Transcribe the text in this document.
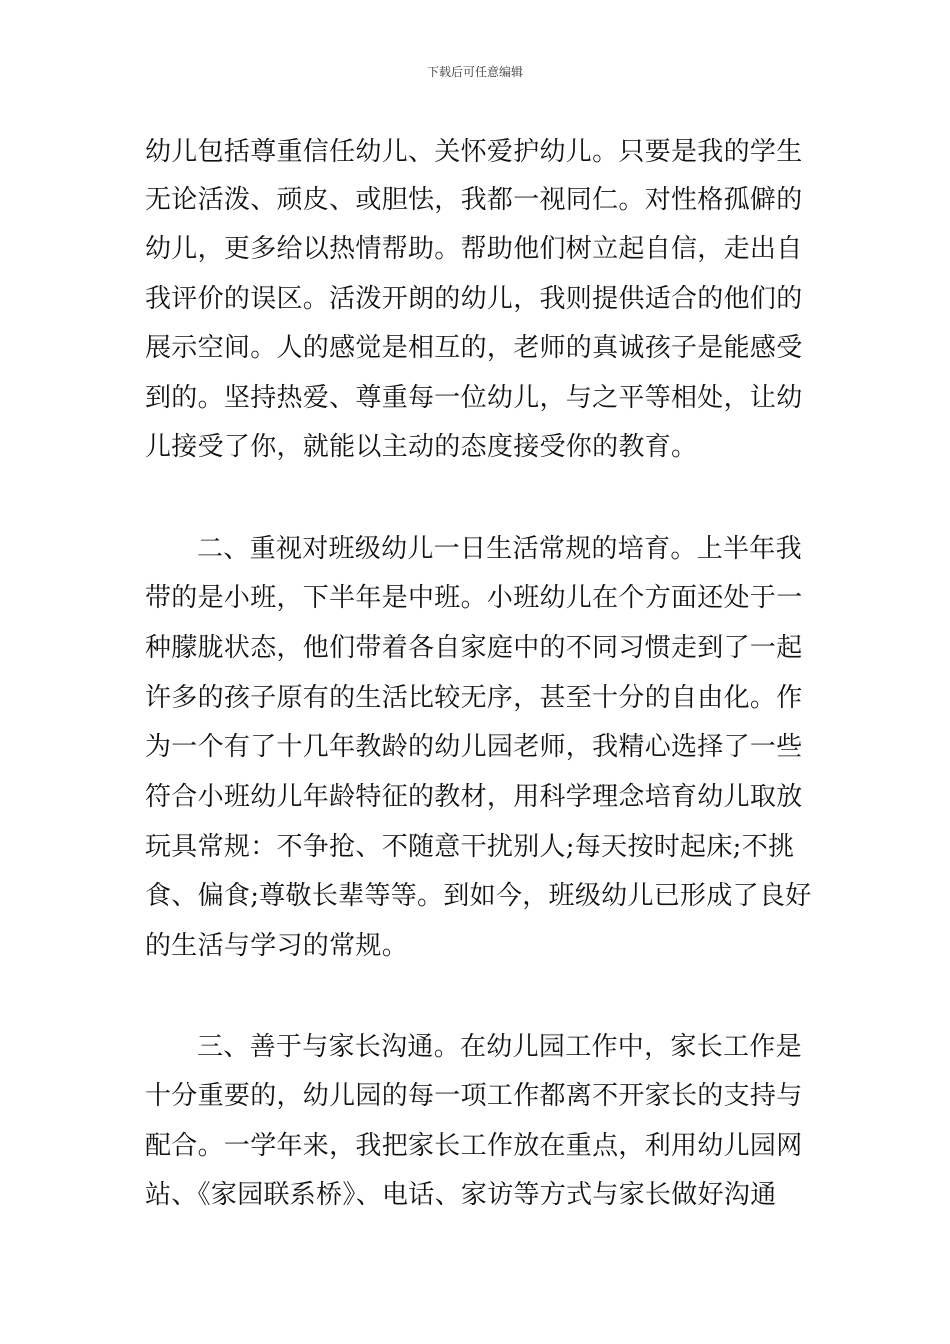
下载后可任意编辑
幼儿包括尊重信任幼儿、关怀爱护幼儿。只要是我的学生
无论活泼、顽皮、或胆怯，我都一视同仁。对性格孤僻的
幼儿，更多给以热情帮助。帮助他们树立起自信，走出自
我评价的误区。活泼开朗的幼儿，我则提供适合的他们的
展示空间。人的感觉是相互的，老师的真诚孩子是能感受
到的。坚持热爱、尊重每一位幼儿，与之平等相处，让幼
儿接受了你，就能以主动的态度接受你的教育。
二、重视对班级幼儿一日生活常规的培育。上半年我
带的是小班，下半年是中班。小班幼儿在个方面还处于一
种朦胧状态，他们带着各自家庭中的不同习惯走到了一起
许多的孩子原有的生活比较无序，甚至十分的自由化。作
为一个有了十几年教龄的幼儿园老师，我精心选择了一些
符合小班幼儿年龄特征的教材，用科学理念培育幼儿取放
玩具常规：不争抢、不随意干扰别人;每天按时起床;不挑
食、偏食;尊敬长辈等等。到如今，班级幼儿已形成了良好
的生活与学习的常规。
三、善于与家长沟通。在幼儿园工作中，家长工作是
十分重要的，幼儿园的每一项工作都离不开家长的支持与
配合。一学年来，我把家长工作放在重点，利用幼儿园网
站、《家园联系桥》、电话、家访等方式与家长做好沟通
